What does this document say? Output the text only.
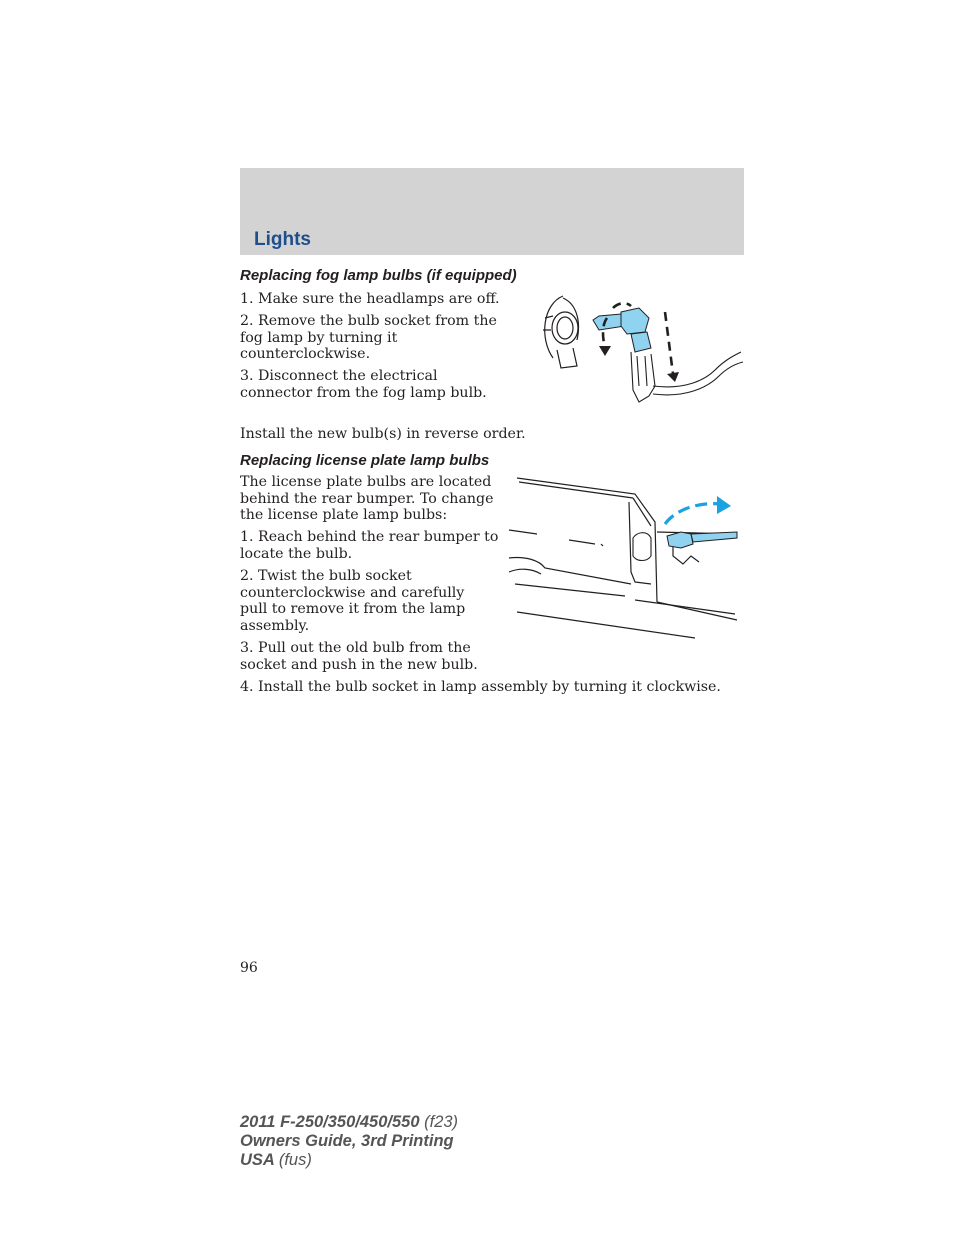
Lights
Replacing fog lamp bulbs (if equipped)

1. Make sure the headlamps are off.

2. Remove the bulb socket from the fog lamp by turning it counterclockwise.

3. Disconnect the electrical connector from the fog lamp bulb.

Install the new bulb(s) in reverse order.

Replacing license plate lamp bulbs

The license plate bulbs are located behind the rear bumper. To change the license plate lamp bulbs:

1. Reach behind the rear bumper to locate the bulb.

2. Twist the bulb socket counterclockwise and carefully pull to remove it from the lamp assembly.

3. Pull out the old bulb from the socket and push in the new bulb.

4. Install the bulb socket in lamp assembly by turning it clockwise.

96
2011 F-250/350/450/550 (f23)
Owners Guide, 3rd Printing
USA (fus)
